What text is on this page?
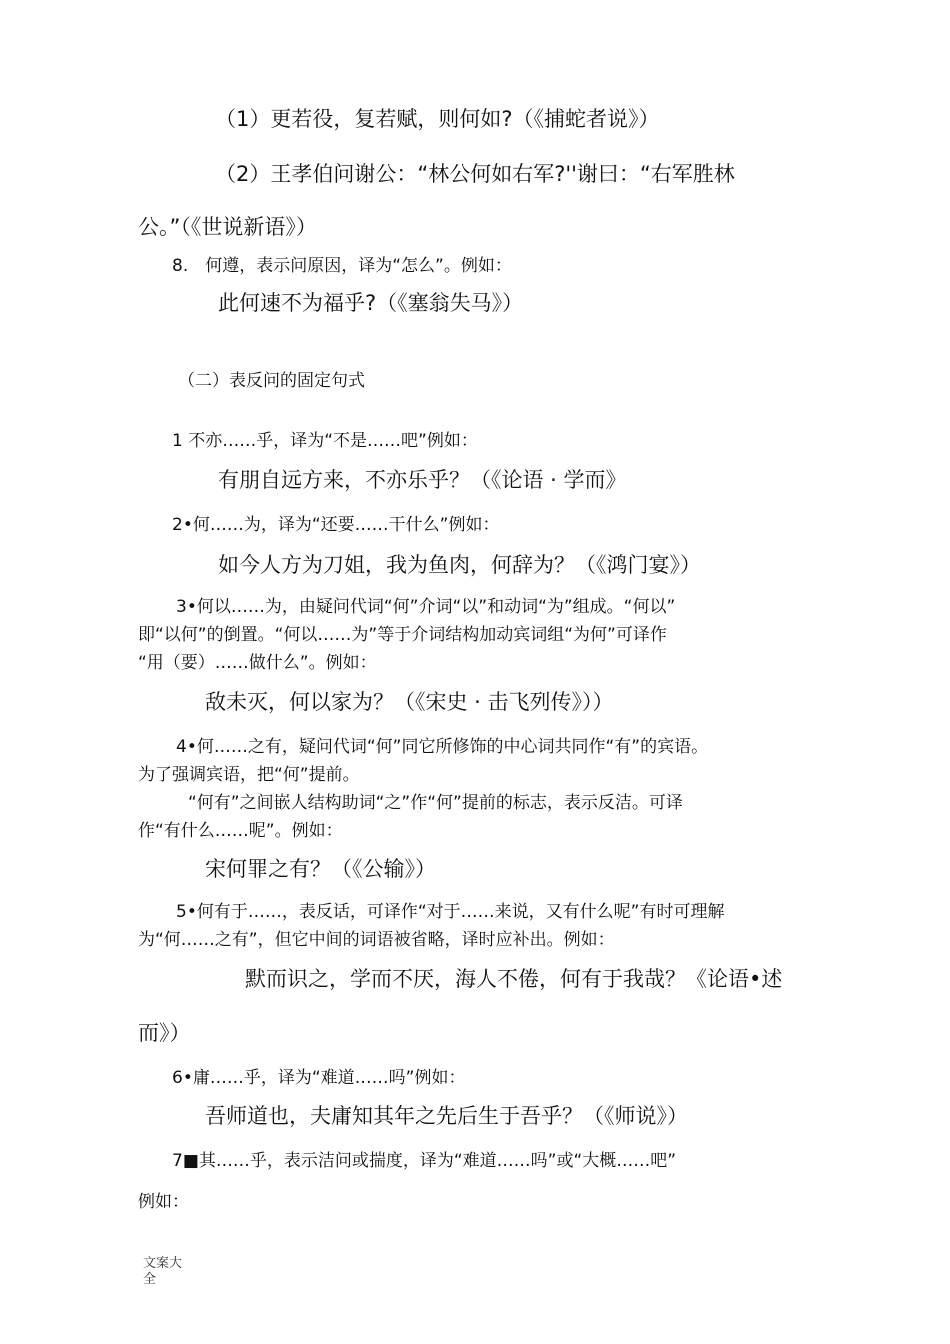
（1）更若役，复若赋，则何如?（《捕蛇者说》）
（2）王孝伯问谢公：“林公何如右军?''谢曰：“右军胜林
公。”（《世说新语》）
8.　何遵，表示问原因，译为“怎么”。例如：
此何速不为福乎?（《塞翁失马》）
（二）表反问的固定句式
1 不亦……乎，译为“不是……吧”例如：
有朋自远方来，不亦乐乎？（《论语 · 学而》
2•何……为，译为“还要……干什么”例如：
如今人方为刀姐，我为鱼肉，何辞为？（《鸿门宴》）
3•何以……为，由疑问代词“何”介词“以”和动词“为”组成。“何以”
即“以何”的倒置。“何以……为”等于介词结构加动宾词组“为何”可译作
“用（要）……做什么”。例如：
敌未灭，何以家为？（《宋史 · 击飞列传》））
4•何……之有，疑问代词“何”同它所修饰的中心词共同作“有”的宾语。
为了强调宾语，把“何”提前。
“何有”之间嵌人结构助词“之”作“何”提前的标志，表示反洁。可译
作“有什么……呢”。例如：
宋何罪之有？（《公输》）
5•何有于……，表反话，可译作“对于……来说，又有什么呢”有时可理解
为“何……之有”，但它中间的词语被省略，译时应补出。例如：
默而识之，学而不厌，海人不倦，何有于我哉？《论语•述
而》）
6•庸……乎，译为“难道……吗”例如：
吾师道也，夫庸知其年之先后生于吾乎？（《师说》）
7■其……乎，表示洁问或揣度，译为“难道……吗”或“大概……吧”
例如：
文案大
全
